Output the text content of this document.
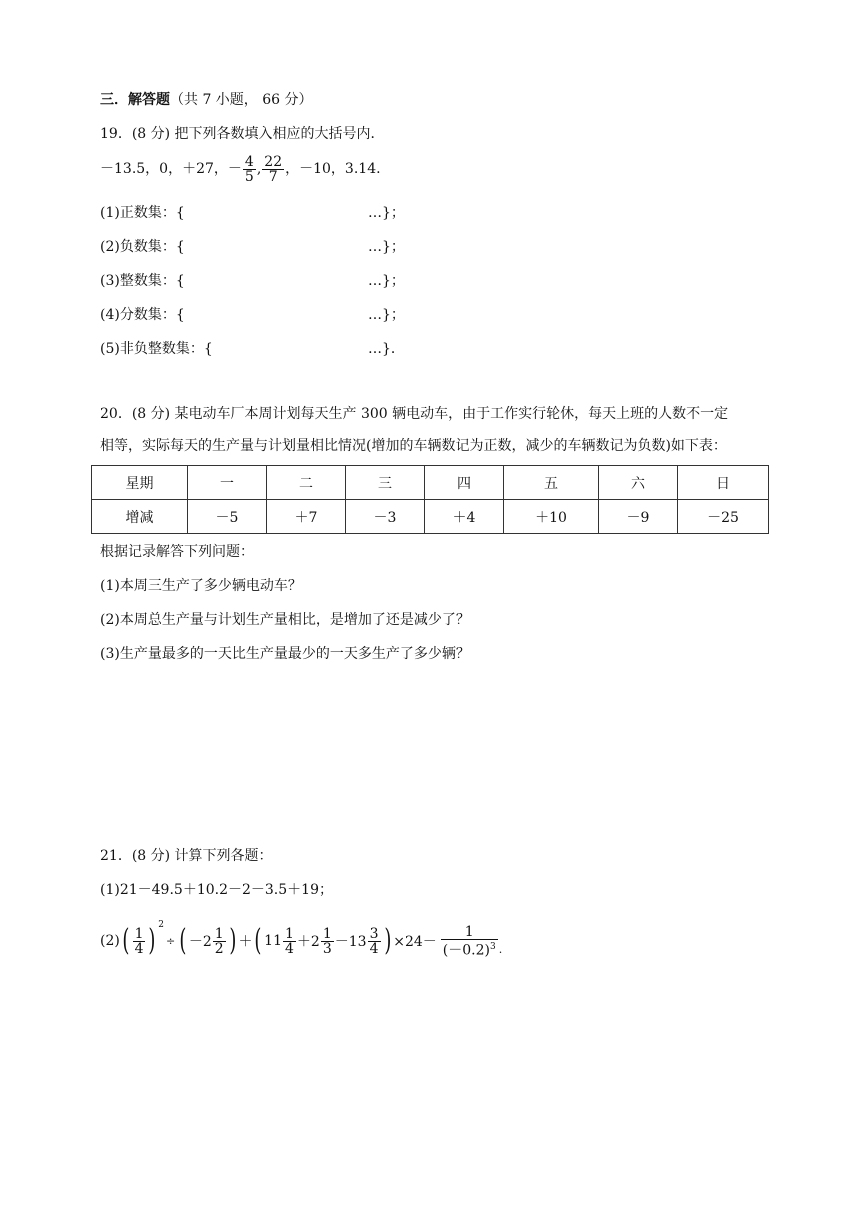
三．解答题（共 7 小题， 66 分）
19．(8 分) 把下列各数填入相应的大括号内．
－13.5，0，＋27，－ $\frac{4}{5}$ , $\frac{22}{7}$ ，－10，3.14.
(1)正数集：{	…}；
(2)负数集：{	…}；
(3)整数集：{	…}；
(4)分数集：{	…}；
(5)非负整数集：{	…}．
20．(8 分) 某电动车厂本周计划每天生产 300 辆电动车，由于工作实行轮休，每天上班的人数不一定
相等，实际每天的生产量与计划量相比情况(增加的车辆数记为正数，减少的车辆数记为负数)如下表：
星期	一	二	三	四	五	六	日
增减	－5	＋7	－3	＋4	＋10	－9	－25
根据记录解答下列问题：
(1)本周三生产了多少辆电动车？
(2)本周总生产量与计划生产量相比，是增加了还是减少了？
(3)生产量最多的一天比生产量最少的一天多生产了多少辆？
21．(8 分) 计算下列各题：
(1)21－49.5＋10.2－2－3.5＋19；
(2) ( $\frac{1}{4}$ ) 2
÷ ( $-2 \frac{1}{2}$ ) ＋ ( $11 \frac{1}{4} +2 \frac{1}{3} -13 \frac{3}{4}$ ) $\times 24- \frac{1}{(-0.2)^3}$ .
